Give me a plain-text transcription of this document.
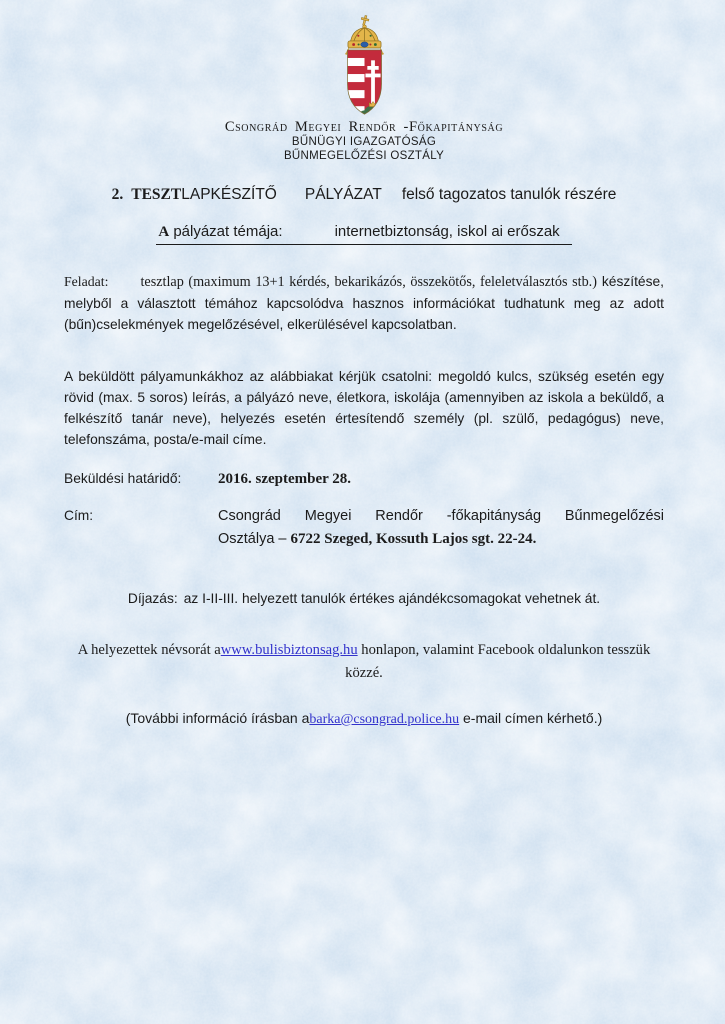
Csongrád Megyei Rendőr -Főkapitányság
BŰNÜGYI IGAZGATÓSÁG
BŰNMEGELŐZÉSI OSZTÁLY
2. TESZTLAPKÉSZÍTŐ PÁLYÁZAT felső tagozatos tanulók részére
A pályázat témája:	internetbiztonság, iskol ai erőszak

Feladat: tesztlap (maximum 13+1 kérdés, bekarikázós, összekötős, feleletválasztós stb.) készítése, melyből a választott témához kapcsolódva hasznos információkat tudhatunk meg az adott (bűn)cselekmények megelőzésével, elkerülésével kapcsolatban.

A beküldött pályamunkákhoz az alábbiakat kérjük csatolni: megoldó kulcs, szükség esetén egy rövid (max. 5 soros) leírás, a pályázó neve, életkora, iskolája (amennyiben az iskola a beküldő, a felkészítő tanár neve), helyezés esetén értesítendő személy (pl. szülő, pedagógus) neve, telefonszáma, posta/e-mail címe.

Beküldési határidő:	2016. szeptember 28.
Cím:	Csongrád Megyei Rendőr -főkapitányság Bűnmegelőzési
Osztálya – 6722 Szeged, Kossuth Lajos sgt. 22-24.
Díjazás: az I-II-III. helyezett tanulók értékes ajándékcsomagokat vehetnek át.
A helyezettek névsorát awww.bulisbiztonsag.hu honlapon, valamint Facebook oldalunkon tesszük közzé.
(További információ írásban abarka@csongrad.police.hu e-mail címen kérhető.)
